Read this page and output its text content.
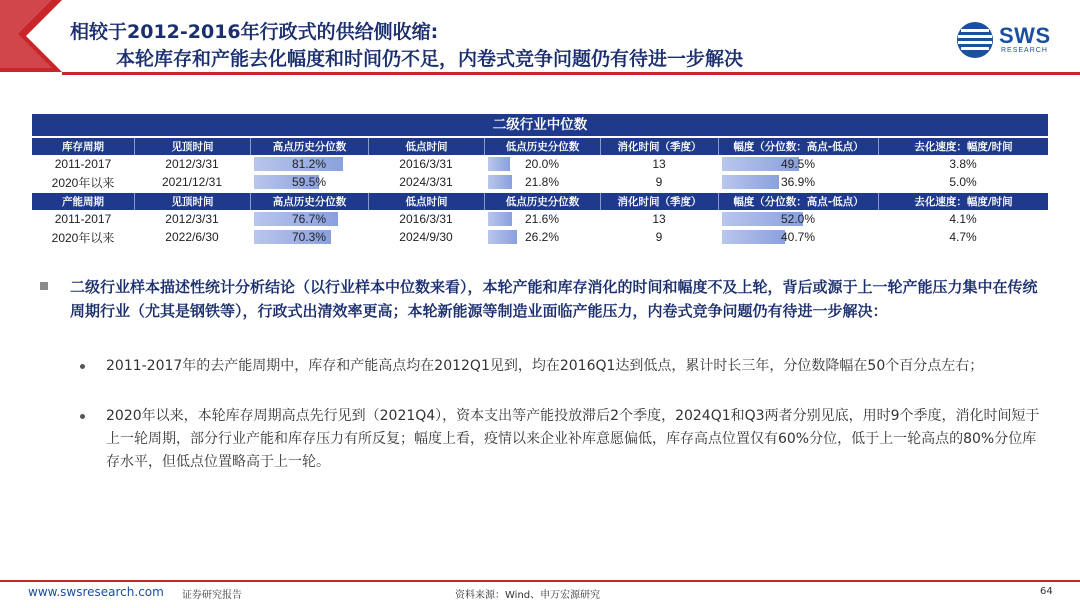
相较于2012-2016年行政式的供给侧收缩:
本轮库存和产能去化幅度和时间仍不足，内卷式竞争问题仍有待进一步解决
SWS
RESEARCH
二级行业中位数
库存周期	见顶时间	高点历史分位数	低点时间	低点历史分位数	消化时间（季度）	幅度（分位数：高点-低点）	去化速度：幅度/时间
2011-2017	2012/3/31	81.2%	2016/3/31	20.0%	13	49.5%	3.8%
2020年以来	2021/12/31	59.5%	2024/3/31	21.8%	9	36.9%	5.0%
产能周期	见顶时间	高点历史分位数	低点时间	低点历史分位数	消化时间（季度）	幅度（分位数：高点-低点）	去化速度：幅度/时间
2011-2017	2012/3/31	76.7%	2016/3/31	21.6%	13	52.0%	4.1%
2020年以来	2022/6/30	70.3%	2024/9/30	26.2%	9	40.7%	4.7%
二级行业样本描述性统计分析结论（以行业样本中位数来看），本轮产能和库存消化的时间和幅度不及上轮，背后或源于上一轮产能压力集中在传统周期行业（尤其是钢铁等），行政式出清效率更高；本轮新能源等制造业面临产能压力，内卷式竞争问题仍有待进一步解决：
2011-2017年的去产能周期中，库存和产能高点均在2012Q1见到，均在2016Q1达到低点，累计时长三年，分位数降幅在50个百分点左右；
2020年以来，本轮库存周期高点先行见到（2021Q4），资本支出等产能投放滞后2个季度，2024Q1和Q3两者分别见底，用时9个季度，消化时间短于上一轮周期，部分行业产能和库存压力有所反复；幅度上看，疫情以来企业补库意愿偏低，库存高点位置仅有60%分位，低于上一轮高点的80%分位库存水平，但低点位置略高于上一轮。
www.swsresearch.com 证券研究报告	资料来源：Wind、申万宏源研究	64
